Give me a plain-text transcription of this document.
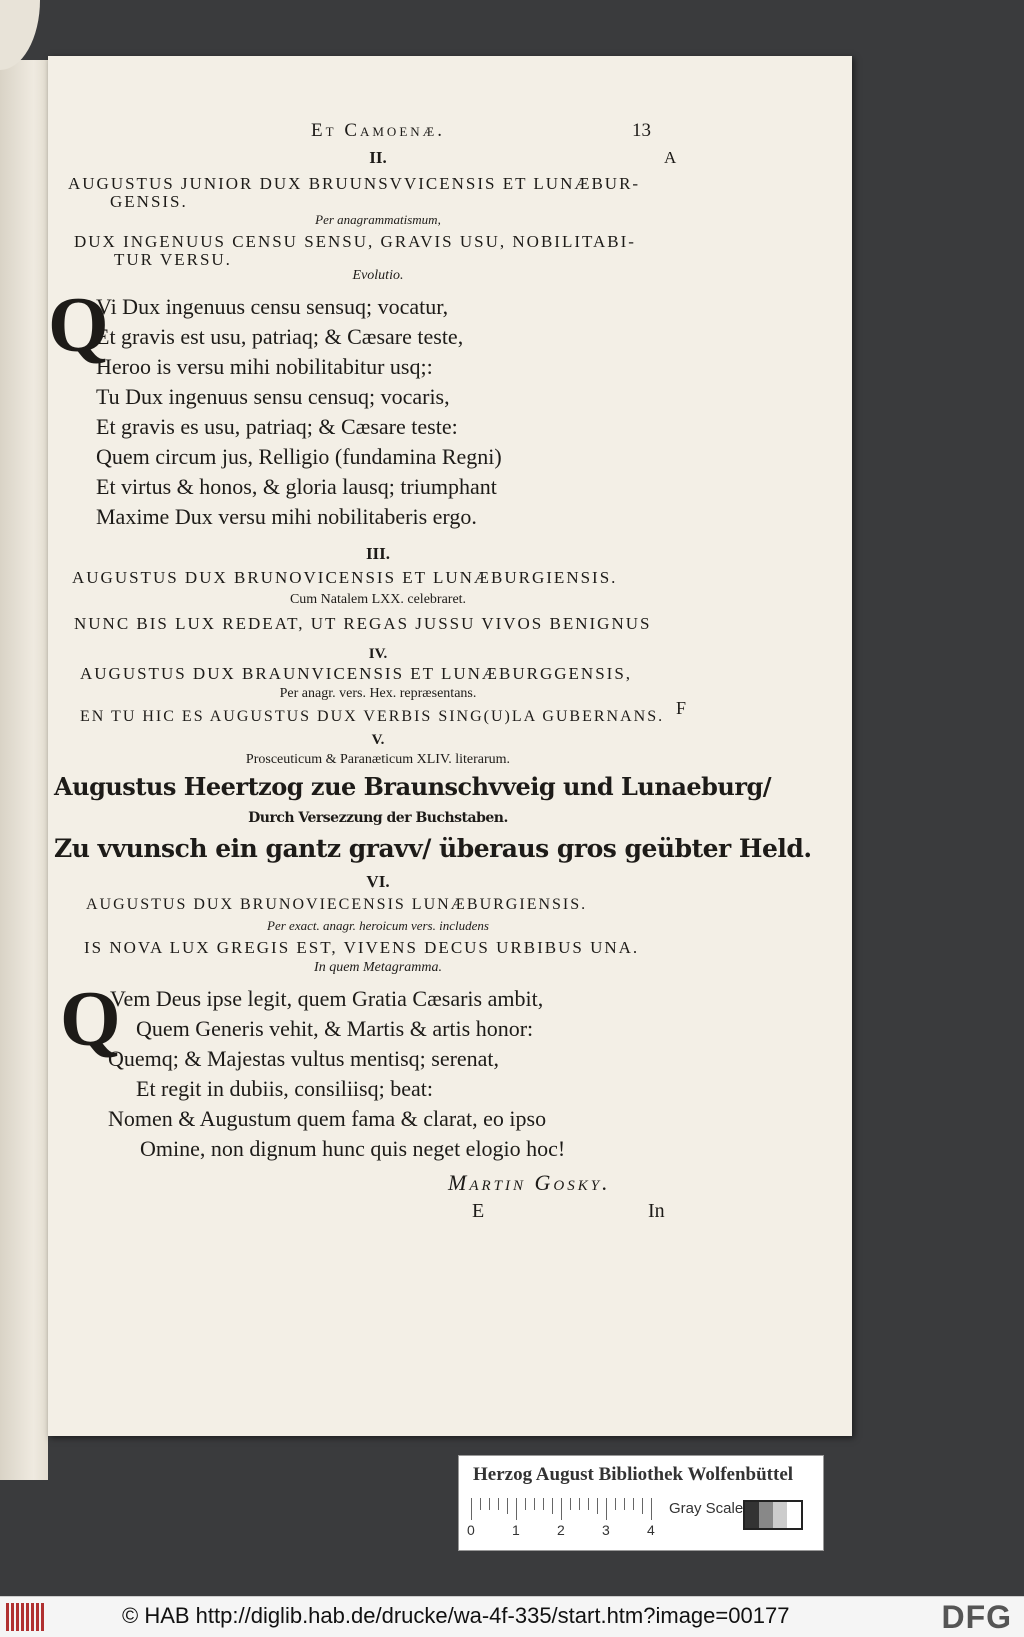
Et Camoenæ.	13
A
II.
AUGUSTUS JUNIOR DUX BRUUNSVVICENSIS ET LUNÆBUR-
GENSIS.
Per anagrammatismum,
DUX INGENUUS CENSU SENSU, GRAVIS USU, NOBILITABI-
TUR VERSU.
Evolutio.
Q
Vi Dux ingenuus censu sensuq; vocatur,
Et gravis est usu, patriaq; & Cæsare teste,
Heroo is versu mihi nobilitabitur usq;:
Tu Dux ingenuus sensu censuq; vocaris,
Et gravis es usu, patriaq; & Cæsare teste:
Quem circum jus, Relligio (fundamina Regni)
Et virtus & honos, & gloria lausq; triumphant
Maxime Dux versu mihi nobilitaberis ergo.
III.
AUGUSTUS DUX BRUNOVICENSIS ET LUNÆBURGIENSIS.
Cum Natalem LXX. celebraret.
NUNC BIS LUX REDEAT, UT REGAS JUSSU VIVOS BENIGNUS
IV.
AUGUSTUS DUX BRAUNVICENSIS ET LUNÆBURGGENSIS,
Per anagr. vers. Hex. repræsentans.
EN TU HIC ES AUGUSTUS DUX VERBIS SING(U)LA GUBERNANS. F
V.
Prosceuticum & Paranæticum XLIV. literarum.
Augustus Heertzog zue Braunschvveig und Lunaeburg/
Durch Versezzung der Buchstaben.
Zu vvunsch ein gantz gravv/ überaus gros geübter Held.
VI.
AUGUSTUS DUX BRUNOVIECENSIS LUNÆBURGIENSIS.
Per exact. anagr. heroicum vers. includens
IS NOVA LUX GREGIS EST, VIVENS DECUS URBIBUS UNA.
In quem Metagramma.
Q
Vem Deus ipse legit, quem Gratia Cæsaris ambit,
Quem Generis vehit, & Martis & artis honor:
Quemq; & Majestas vultus mentisq; serenat,
Et regit in dubiis, consiliisq; beat:
Nomen & Augustum quem fama & clarat, eo ipso
Omine, non dignum hunc quis neget elogio hoc!
Martin Gosky.
E	In
Herzog August Bibliothek Wolfenbüttel
0	1	2	3	4
Gray Scale
© HAB http://diglib.hab.de/drucke/wa-4f-335/start.htm?image=00177	DFG
